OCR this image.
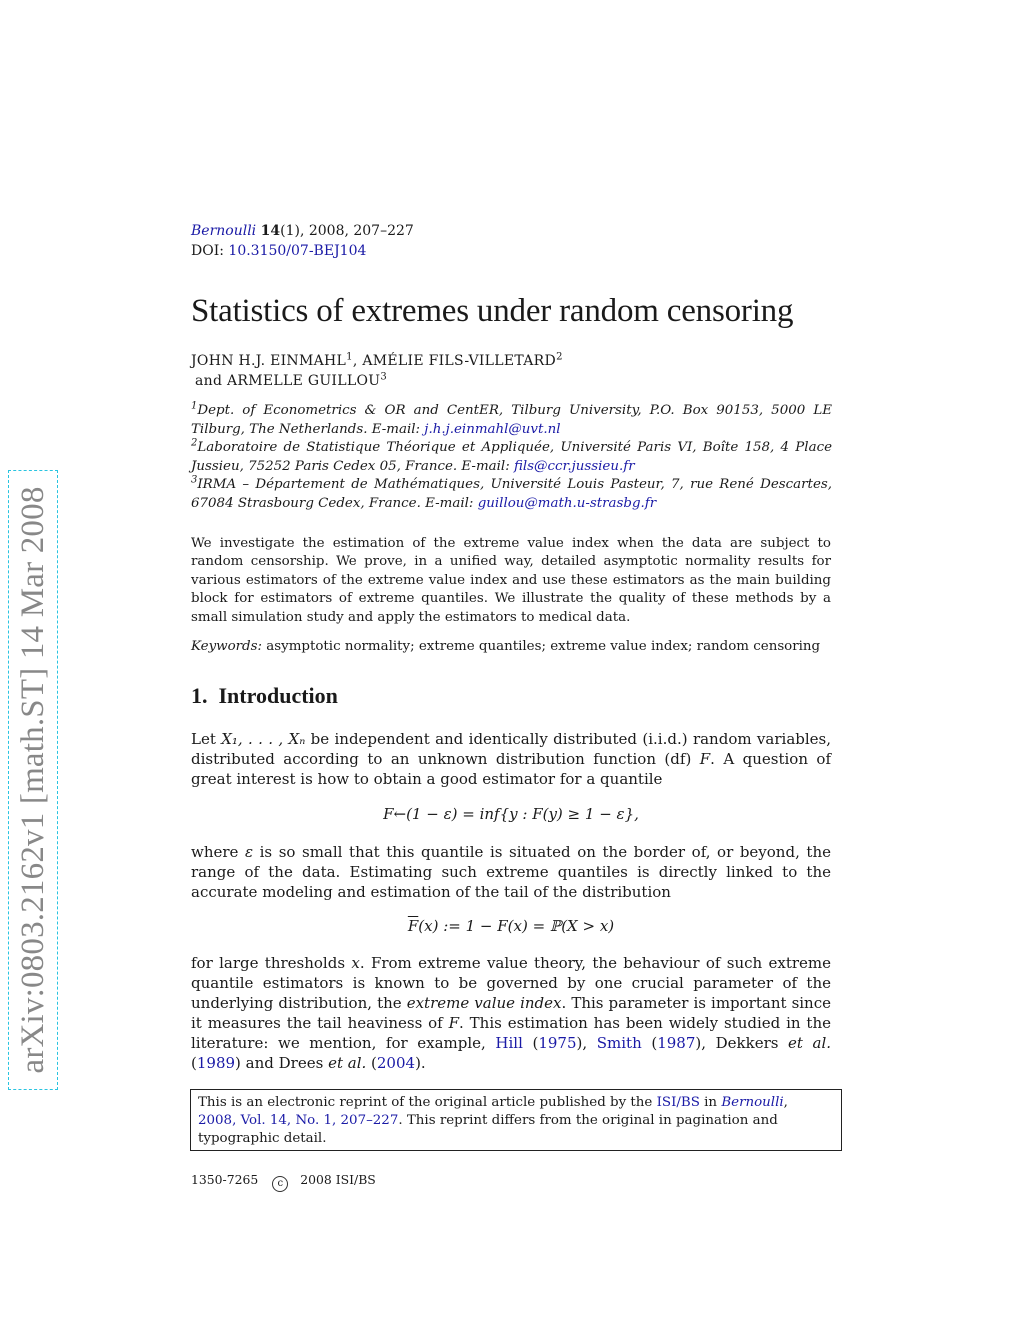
arXiv:0803.2162v1 [math.ST] 14 Mar 2008
Bernoulli 14(1), 2008, 207–227
DOI: 10.3150/07-BEJ104
Statistics of extremes under random censoring
JOHN H.J. EINMAHL$^1$, AMÉLIE FILS-VILLETARD$^2$
and ARMELLE GUILLOU$^3$
$^1$Dept. of Econometrics & OR and CentER, Tilburg University, P.O. Box 90153, 5000 LE Tilburg, The Netherlands. E-mail: j.h.j.einmahl@uvt.nl
$^2$Laboratoire de Statistique Théorique et Appliquée, Université Paris VI, Boîte 158, 4 Place Jussieu, 75252 Paris Cedex 05, France. E-mail: fils@ccr.jussieu.fr
$^3$IRMA – Département de Mathématiques, Université Louis Pasteur, 7, rue René Descartes, 67084 Strasbourg Cedex, France. E-mail: guillou@math.u-strasbg.fr
We investigate the estimation of the extreme value index when the data are subject to random censorship. We prove, in a unified way, detailed asymptotic normality results for various estimators of the extreme value index and use these estimators as the main building block for estimators of extreme quantiles. We illustrate the quality of these methods by a small simulation study and apply the estimators to medical data.
Keywords: asymptotic normality; extreme quantiles; extreme value index; random censoring
1. Introduction
Let X₁, . . . , Xₙ be independent and identically distributed (i.i.d.) random variables, distributed according to an unknown distribution function (df) F. A question of great interest is how to obtain a good estimator for a quantile
F←(1 − ε) = inf{y : F(y) ≥ 1 − ε},
where ε is so small that this quantile is situated on the border of, or beyond, the range of the data. Estimating such extreme quantiles is directly linked to the accurate modeling and estimation of the tail of the distribution
$\overline{F}(x)$ := 1 − F(x) = ℙ(X > x)
for large thresholds x. From extreme value theory, the behaviour of such extreme quantile estimators is known to be governed by one crucial parameter of the underlying distribution, the extreme value index. This parameter is important since it measures the tail heaviness of F. This estimation has been widely studied in the literature: we mention, for example, Hill (1975), Smith (1987), Dekkers et al. (1989) and Drees et al. (2004).
This is an electronic reprint of the original article published by the ISI/BS in Bernoulli,
2008, Vol. 14, No. 1, 207–227. This reprint differs from the original in pagination and typographic detail.
1350-7265 c 2008 ISI/BS
